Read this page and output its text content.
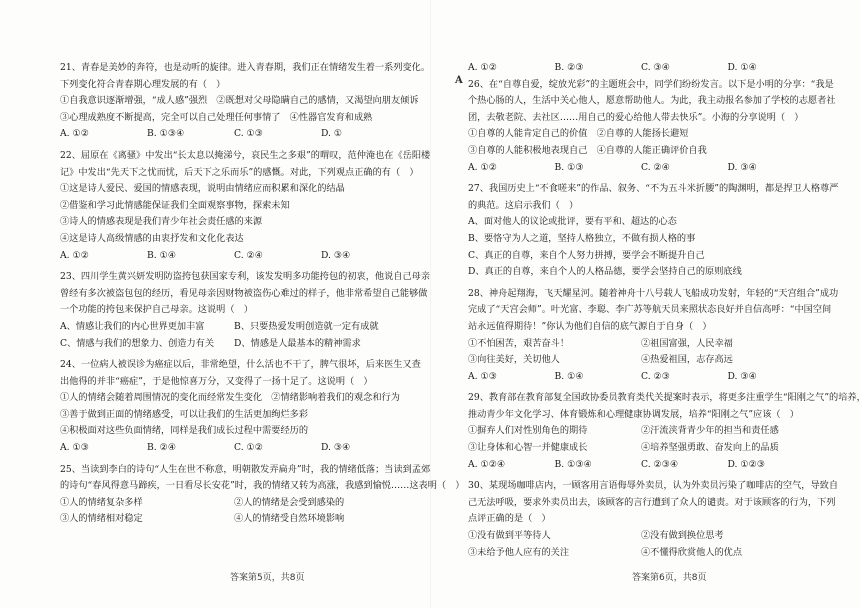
21、青春是美妙的奔符，也是动听的旋律。进入青春期，我们正在情绪发生着一系列变化。
下列变化符合青春期心理发展的有（　）
①自我意识逐渐增强，“成人感”强烈　②既想对父母隐瞒自己的感情，又渴望向朋友倾诉
③心理成熟度不断提高，完全可以自己处理任何事情了　④性器官发育和成熟
A. ①②	B. ①③④	C. ①③	D. ①
22、屈原在《离骚》中发出“长太息以掩涕兮，哀民生之多艰”的喟叹，范仲淹也在《岳阳楼
记》中发出“先天下之忧而忧，后天下之乐而乐”的感慨。对此，下列观点正确的有（　）
①这是诗人爱民、爱国的情感表现，说明由情绪应而积累和深化的结晶
②借鉴和学习此情感能保证我们全面观察事物，探索未知
③诗人的情感表现是我们青少年社会责任感的来源
④这是诗人高级情感的由衷抒发和文化化表达
A. ①②	B. ①④	C. ②④	D. ③④
23、四川学生黄兴妍发明防盗挎包获国家专利，该发发明多功能挎包的初衷，他说自己母亲
曾经有多次被盗包包的经历，看见母亲因财物被盗伤心难过的样子，他非常希望自己能够做
一个功能的挎包来保护自己母亲。这说明（　）
A、情感让我们的内心世界更加丰富	B、只要热爱发明创造就一定有成就
C、情感与我们的想象力、创造力有关	D、情感是人最基本的精神需求
24、一位病人被误诊为癌症以后，非常绝望，什么活也不干了，脾气很坏，后来医生又查
出他得的并非“癌症”，于是他惊喜万分，又变得了一扬十足了。这说明（　）
①人的情绪会随着周围情况的变化而经常发生变化　②情绪影响着我们的观念和行为
③善于做到正面的情绪感受，可以让我们的生活更加绚烂多彩
④积极面对这些负面情绪，同样是我们成长过程中需要经历的
A. ①③	B. ②④	C. ①②	D. ③④
25、当读到李白的诗句“人生在世不称意，明朝散发弄扁舟”时，我的情绪低落；当读到孟郊
的诗句“春风得意马蹄疾，一日看尽长安花”时，我的情绪又转为高涨，我感到愉悦……这表明（　）
①人的情绪复杂多样	②人的情绪是会受到感染的
③人的情绪相对稳定	④人的情绪受自然环境影响
答案第5页，共8页
A
A. ①②	B. ②③	C. ③④	D. ①④
26、在“自尊自爱，绽放光彩”的主题班会中，同学们纷纷发言。以下是小明的分享：“我是
个热心肠的人，生活中关心他人，愿意帮助他人。为此，我主动报名参加了学校的志愿者社
团，去敬老院、去社区……用自己的爱心给他人带去快乐”。小海的分享说明（　）
①自尊的人能肯定自己的价值　②自尊的人能扬长避短
③自尊的人能积极地表现自己　④自尊的人能正确评价自我
A. ①②	B. ①③	C. ②④	D. ③④
27、我国历史上“不食嗟来”的作品、叙务、“不为五斗米折腰”的陶渊明，都是捍卫人格尊严
的典范。这启示我们（　）
A、面对他人的议论或批评，要有平和、超达的心态
B、要恪守为人之道，坚持人格独立，不做有损人格的事
C、真正的自尊，来自个人努力拼搏，要学会不断提升自己
D、真正的自尊，来自个人的人格品德，要学会坚持自己的原则底线
28、神舟起翔海，飞天耀星河。随着神舟十八号载人飞船成功发射，年轻的“天宫组合”成功
完成了“天宫会师”。叶光富、李聪、李广苏等航天员来照状态良好并自信高呼：“中国空间
站永远值得期待！”你认为他们自信的底气源自于自身（　）
①不怕困苦，艰苦奋斗！	②祖国富强，人民幸福
③向往美好，关切他人	④热爱祖国，志存高远
A. ①③	B. ①④	C. ②③	D. ③④
29、教育部在教育部复全国政协委员教育类代关提案时表示，将更多注重学生“阳刚之气”的培养，
推动青少年文化学习、体育锻炼和心理健康协调发展，培养“阳刚之气”应该（　）
①摒弃人们对性别角色的期待	②汗流浃背青少年的担当和责任感
③让身体和心智一并健康成长	④培养坚强勇敢、奋发向上的品质
A. ①②④	B. ①③④	C. ②③④	D. ①②③
30、某现场咖啡店内，一顾客用言语侮辱外卖员，认为外卖员污染了咖啡店的空气，导致自
己无法呼吸，要求外卖员出去，该顾客的言行遭到了众人的谴责。对于该顾客的行为，下列
点评正确的是（　）
①没有做到平等待人	②没有做到换位思考
③未给予他人应有的关注	④不懂得欣赏他人的优点
答案第6页，共8页
